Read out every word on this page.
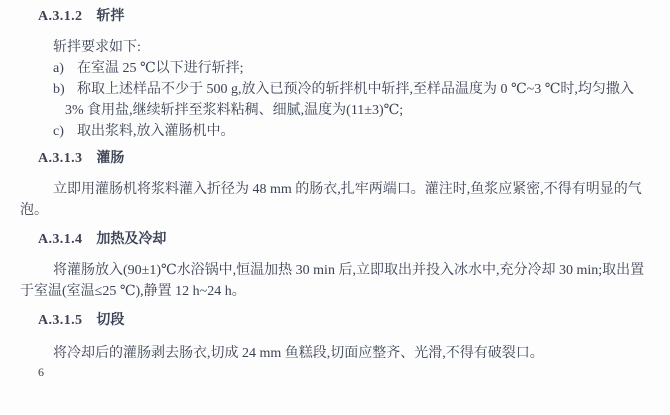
A.3.1.2 斩拌
斩拌要求如下:
a) 在室温 25 ℃以下进行斩拌;
b) 称取上述样品不少于 500 g,放入已预冷的斩拌机中斩拌,至样品温度为 0 ℃~3 ℃时,均匀撒入 3% 食用盐,继续斩拌至浆料粘稠、细腻,温度为(11±3)℃;
c) 取出浆料,放入灌肠机中。
A.3.1.3 灌肠
立即用灌肠机将浆料灌入折径为 48 mm 的肠衣,扎牢两端口。灌注时,鱼浆应紧密,不得有明显的气泡。
A.3.1.4 加热及冷却
将灌肠放入(90±1)℃水浴锅中,恒温加热 30 min 后,立即取出并投入冰水中,充分冷却 30 min;取出置于室温(室温≤25 ℃),静置 12 h~24 h。
A.3.1.5 切段
将冷却后的灌肠剥去肠衣,切成 24 mm 鱼糕段,切面应整齐、光滑,不得有破裂口。
6
